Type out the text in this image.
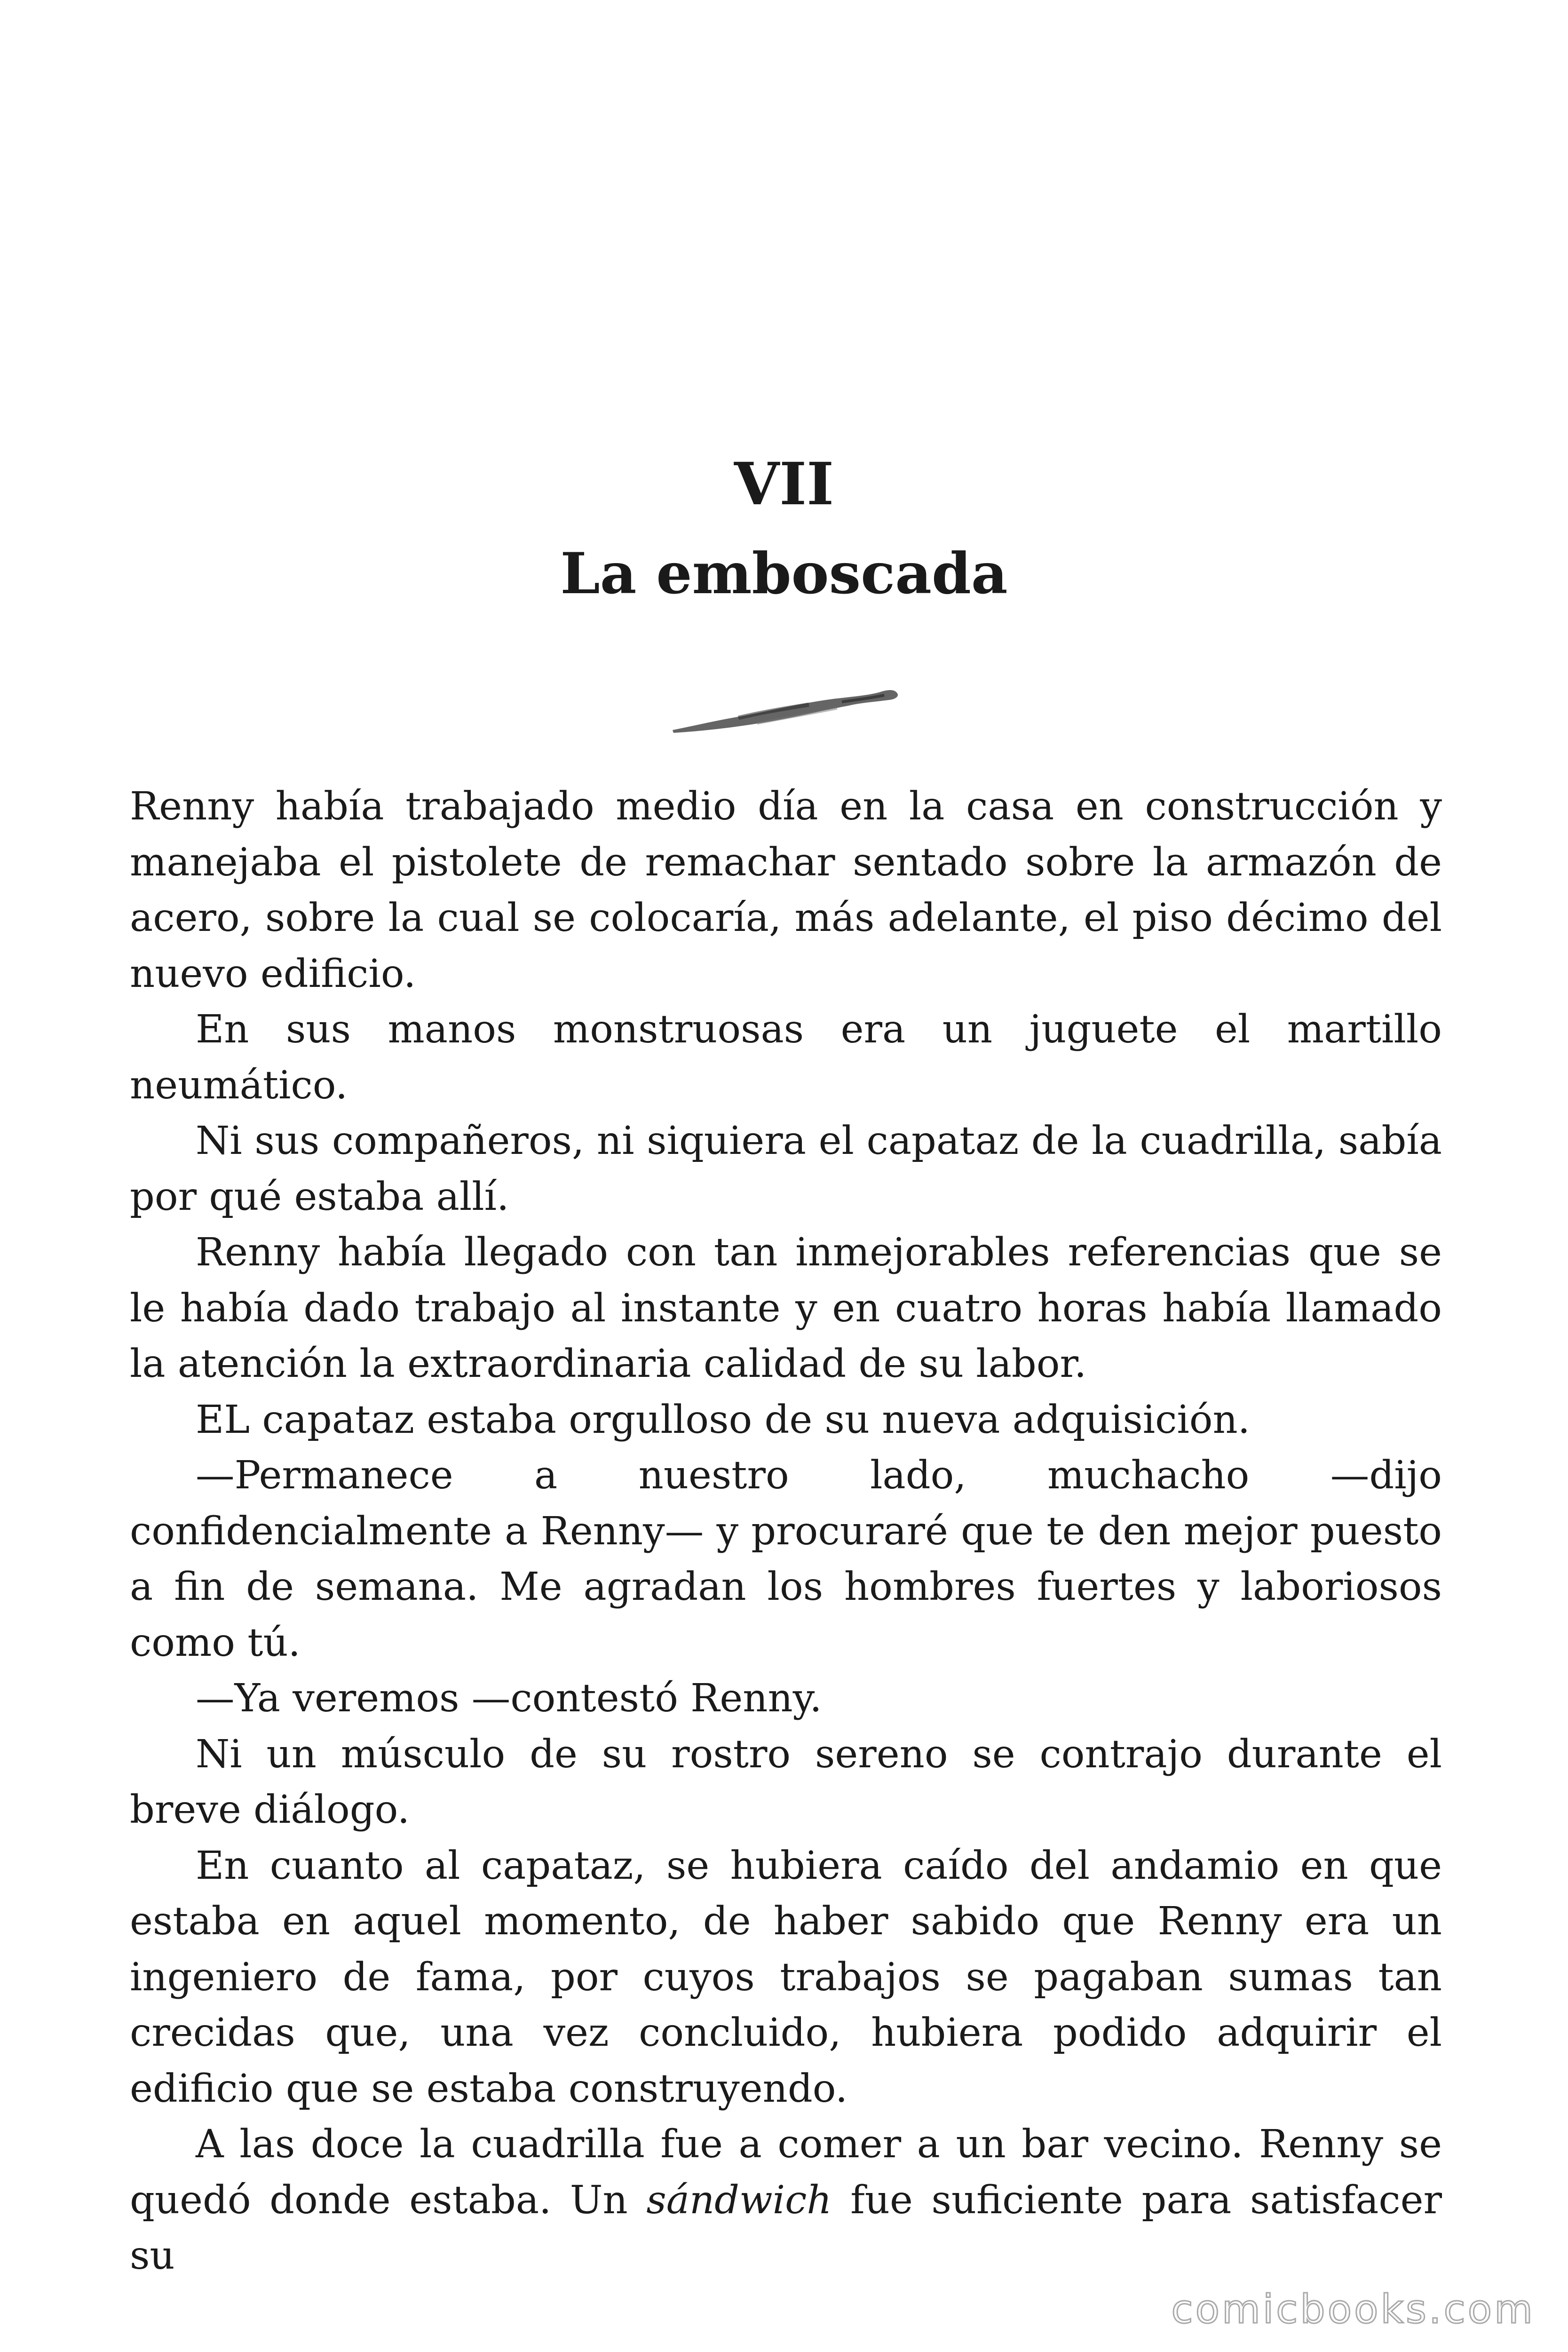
VII
La emboscada

Renny había trabajado medio día en la casa en construcción y manejaba el pistolete de remachar sentado sobre la armazón de acero, sobre la cual se colocaría, más adelante, el piso décimo del nuevo edificio.

En sus manos monstruosas era un juguete el martillo neumático.

Ni sus compañeros, ni siquiera el capataz de la cuadrilla, sabía por qué estaba allí.

Renny había llegado con tan inmejorables referencias que se le había dado trabajo al instante y en cuatro horas había llamado la atención la extraordinaria calidad de su labor.

EL capataz estaba orgulloso de su nueva adquisición.

—Permanece a nuestro lado, muchacho —dijo confidencialmente a Renny— y procuraré que te den mejor puesto a fin de semana. Me agradan los hombres fuertes y laboriosos como tú.

—Ya veremos —contestó Renny.

Ni un músculo de su rostro sereno se contrajo durante el breve diálogo.

En cuanto al capataz, se hubiera caído del andamio en que estaba en aquel momento, de haber sabido que Renny era un ingeniero de fama, por cuyos trabajos se pagaban sumas tan crecidas que, una vez concluido, hubiera podido adquirir el edificio que se estaba construyendo.

A las doce la cuadrilla fue a comer a un bar vecino. Renny se quedó donde estaba. Un sándwich fue suficiente para satisfacer su

comicbooks.com
